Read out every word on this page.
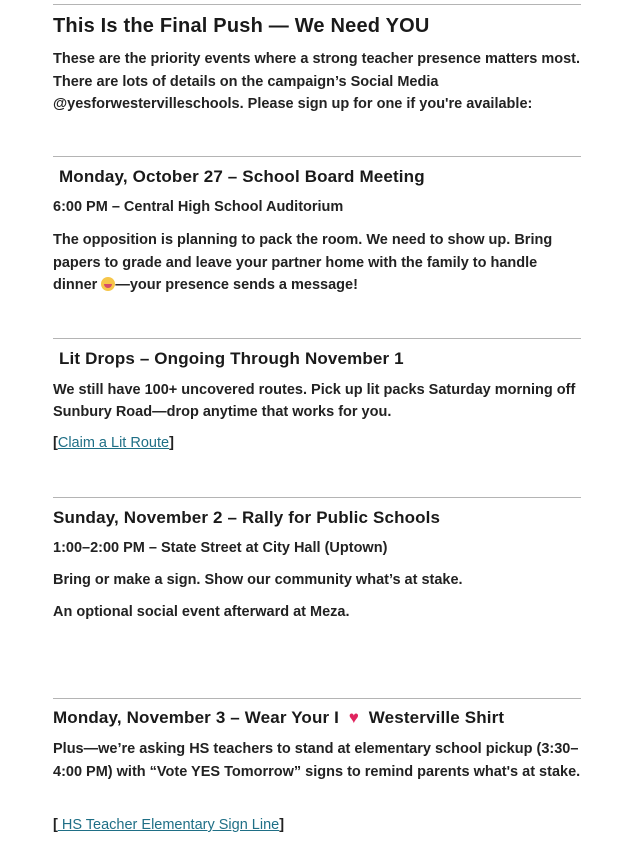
This Is the Final Push — We Need YOU
These are the priority events where a strong teacher presence matters most. There are lots of details on the campaign’s Social Media @yesforwestervilleschools. Please sign up for one if you're available:
Monday, October 27 – School Board Meeting
6:00 PM – Central High School Auditorium
The opposition is planning to pack the room. We need to show up. Bring papers to grade and leave your partner home with the family to handle dinner —your presence sends a message!
Lit Drops – Ongoing Through November 1
We still have 100+ uncovered routes. Pick up lit packs Saturday morning off Sunbury Road—drop anytime that works for you.
[Claim a Lit Route]
Sunday, November 2 – Rally for Public Schools
1:00–2:00 PM – State Street at City Hall (Uptown)
Bring or make a sign. Show our community what’s at stake.
An optional social event afterward at Meza.
Monday, November 3 – Wear Your I ♥ Westerville Shirt
Plus—we’re asking HS teachers to stand at elementary school pickup (3:30–4:00 PM) with “Vote YES Tomorrow” signs to remind parents what's at stake.
[ HS Teacher Elementary Sign Line]
